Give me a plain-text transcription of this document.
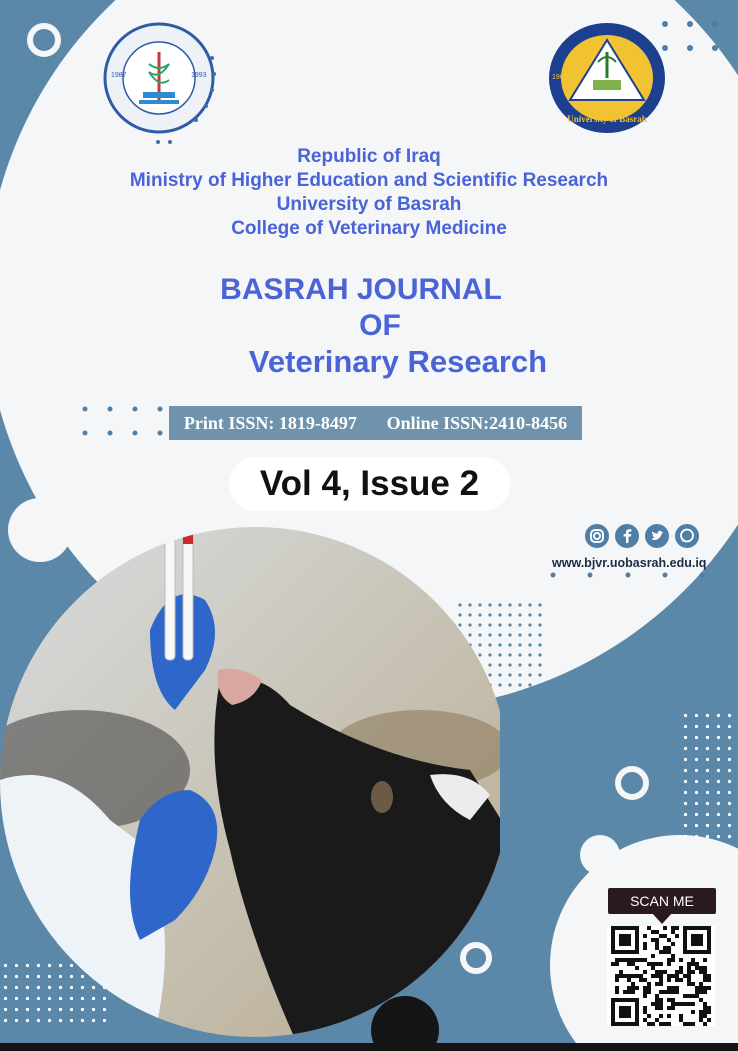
1987	1993
University of Basrah
1964
Republic of Iraq
Ministry of Higher Education and Scientific Research
University of Basrah
College of Veterinary Medicine
BASRAH JOURNAL
OF
Veterinary Research
Print ISSN: 1819-8497 Online ISSN:2410-8456
Vol 4, Issue 2
www.bjvr.uobasrah.edu.iq
SCAN ME
